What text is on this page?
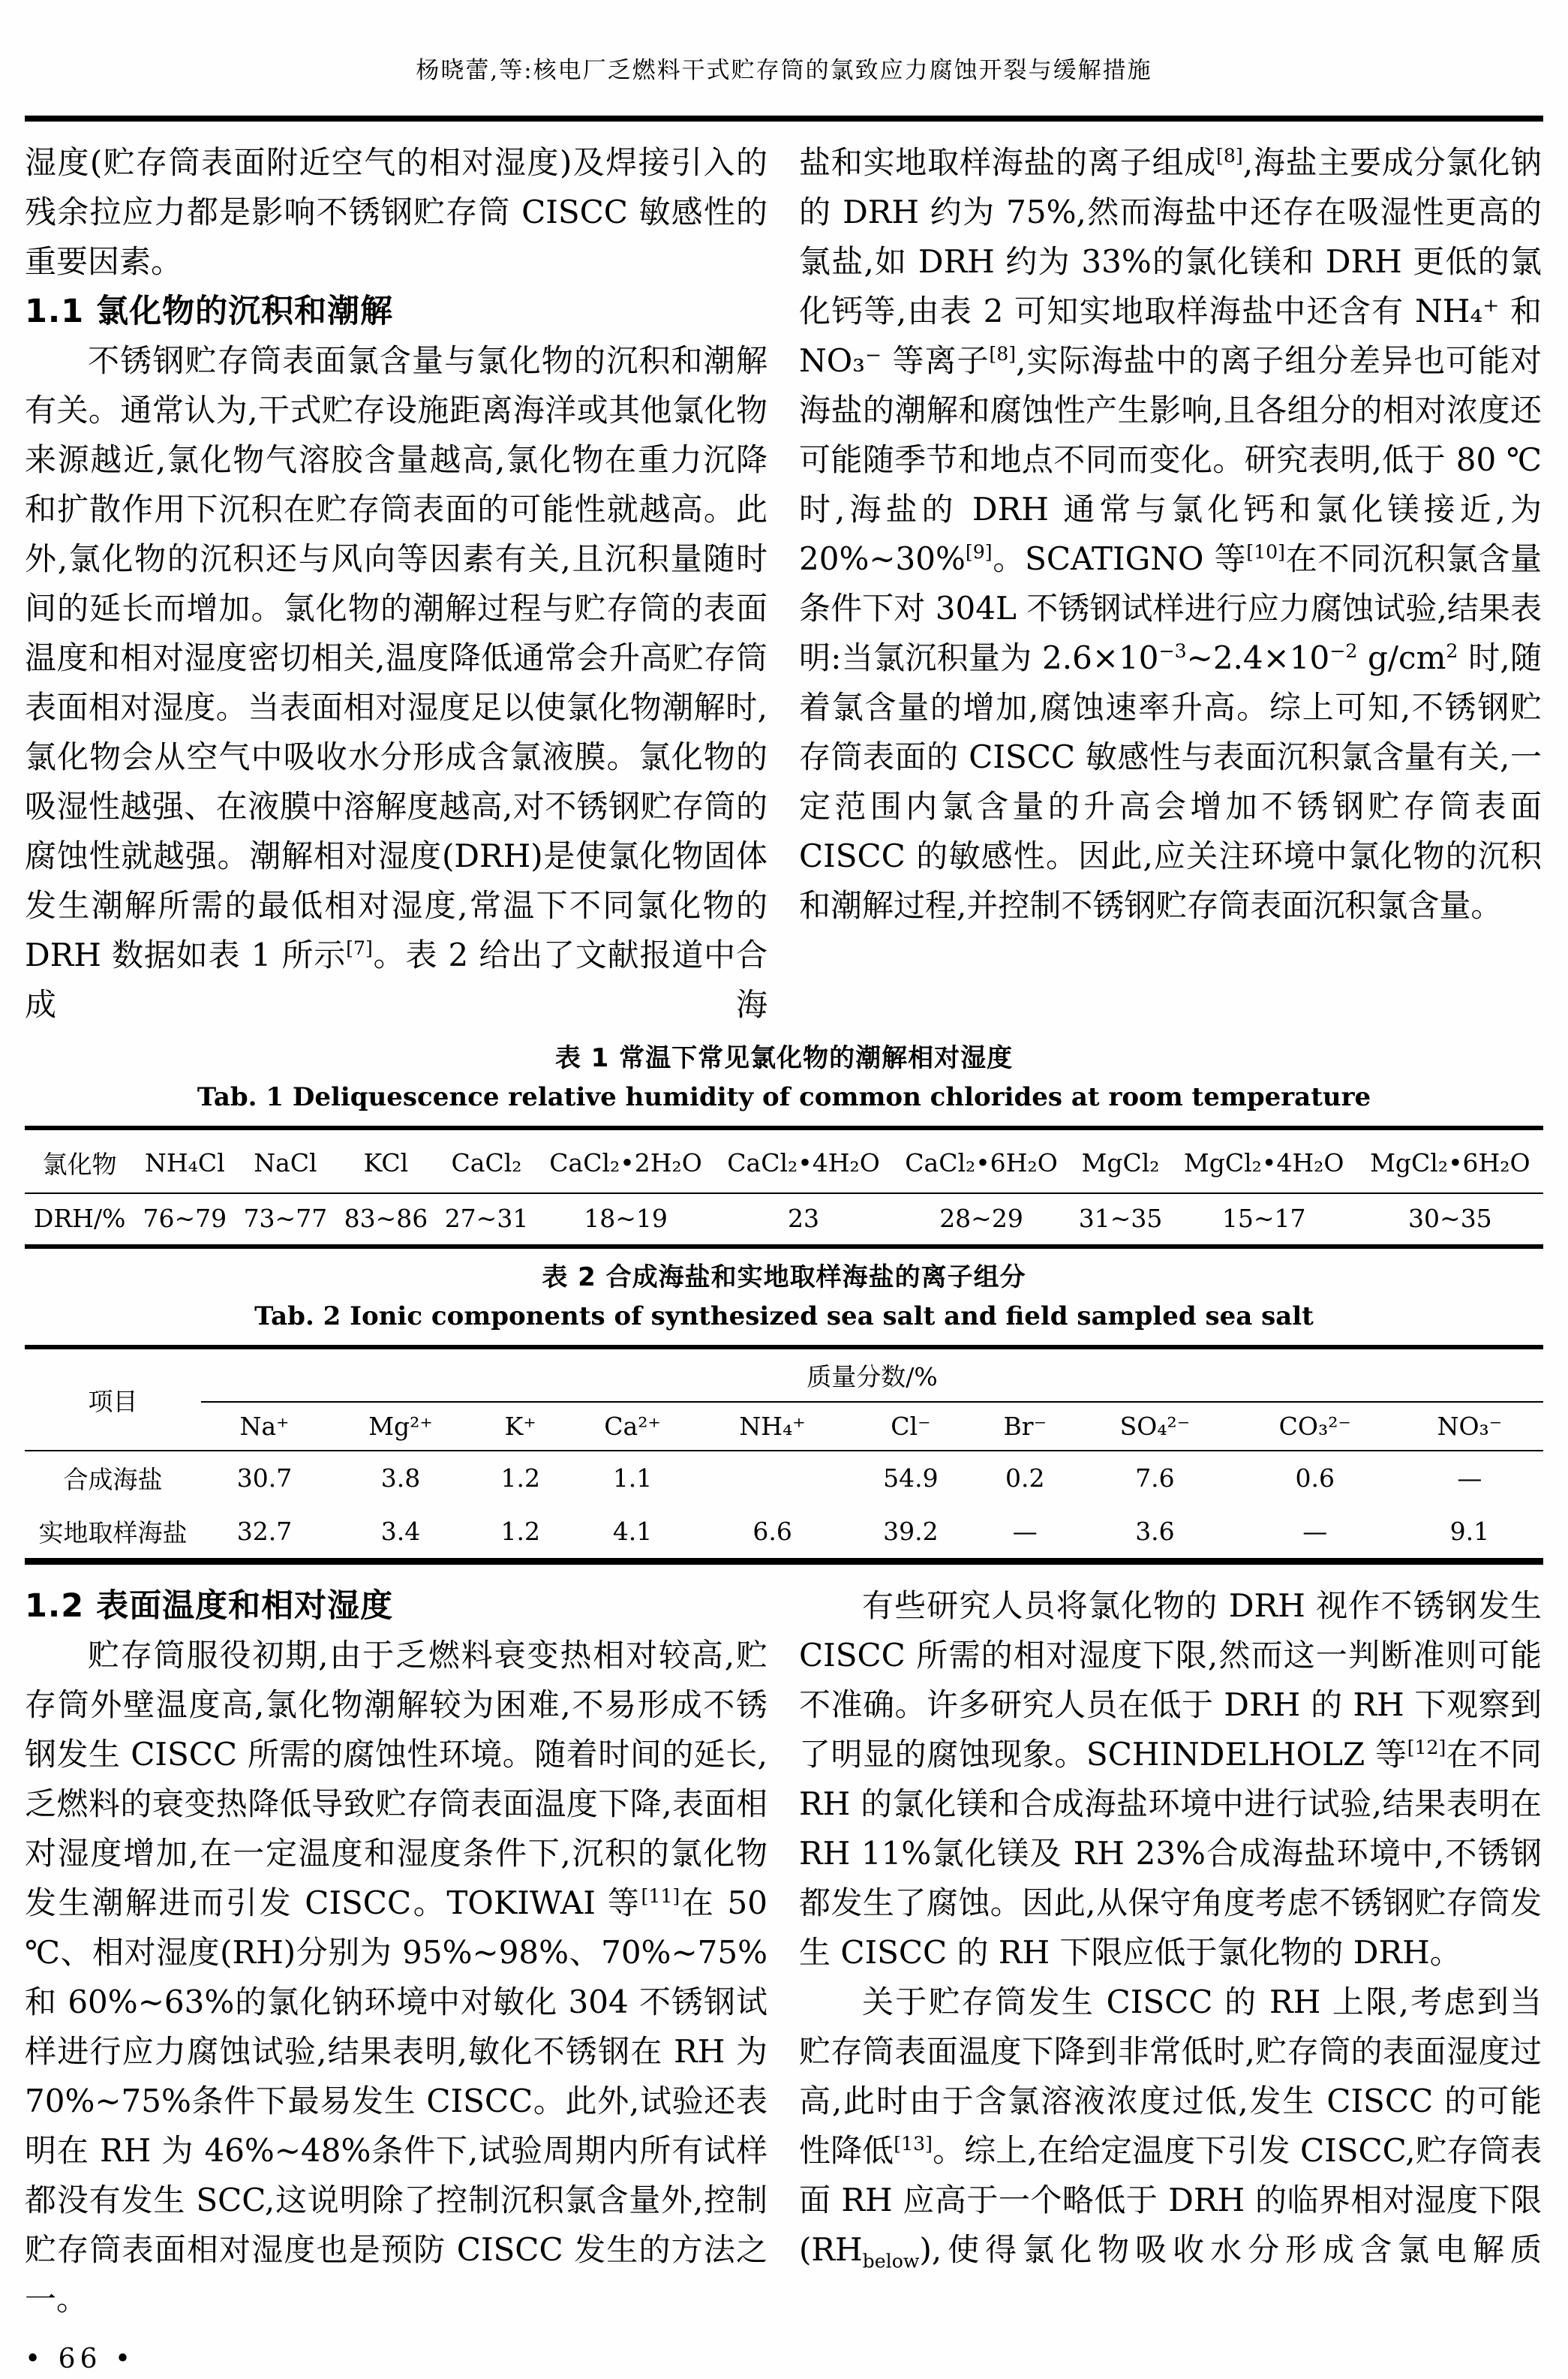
杨晓蕾,等:核电厂乏燃料干式贮存筒的氯致应力腐蚀开裂与缓解措施

湿度(贮存筒表面附近空气的相对湿度)及焊接引入的残余拉应力都是影响不锈钢贮存筒 CISCC 敏感性的重要因素。

1.1 氯化物的沉积和潮解

不锈钢贮存筒表面氯含量与氯化物的沉积和潮解有关。通常认为,干式贮存设施距离海洋或其他氯化物来源越近,氯化物气溶胶含量越高,氯化物在重力沉降和扩散作用下沉积在贮存筒表面的可能性就越高。此外,氯化物的沉积还与风向等因素有关,且沉积量随时间的延长而增加。氯化物的潮解过程与贮存筒的表面温度和相对湿度密切相关,温度降低通常会升高贮存筒表面相对湿度。当表面相对湿度足以使氯化物潮解时,氯化物会从空气中吸收水分形成含氯液膜。氯化物的吸湿性越强、在液膜中溶解度越高,对不锈钢贮存筒的腐蚀性就越强。潮解相对湿度(DRH)是使氯化物固体发生潮解所需的最低相对湿度,常温下不同氯化物的 DRH 数据如表 1 所示[7]。表 2 给出了文献报道中合成海

盐和实地取样海盐的离子组成[8],海盐主要成分氯化钠的 DRH 约为 75%,然而海盐中还存在吸湿性更高的氯盐,如 DRH 约为 33%的氯化镁和 DRH 更低的氯化钙等,由表 2 可知实地取样海盐中还含有 NH₄⁺ 和 NO₃⁻ 等离子[8],实际海盐中的离子组分差异也可能对海盐的潮解和腐蚀性产生影响,且各组分的相对浓度还可能随季节和地点不同而变化。研究表明,低于 80 ℃时,海盐的 DRH 通常与氯化钙和氯化镁接近,为 20%~30%[9]。SCATIGNO 等[10]在不同沉积氯含量条件下对 304L 不锈钢试样进行应力腐蚀试验,结果表明:当氯沉积量为 $2.6\times 10^{-3}\sim 2.4\times 10^{-2}$ $g/cm^2$ 时,随着氯含量的增加,腐蚀速率升高。综上可知,不锈钢贮存筒表面的 CISCC 敏感性与表面沉积氯含量有关,一定范围内氯含量的升高会增加不锈钢贮存筒表面 CISCC 的敏感性。因此,应关注环境中氯化物的沉积和潮解过程,并控制不锈钢贮存筒表面沉积氯含量。

表 1 常温下常见氯化物的潮解相对湿度
Tab. 1 Deliquescence relative humidity of common chlorides at room temperature
氯化物	NH₄Cl	NaCl	KCl	CaCl₂	CaCl₂•2H₂O	CaCl₂•4H₂O	CaCl₂•6H₂O	MgCl₂	MgCl₂•4H₂O	MgCl₂•6H₂O
DRH/%	76~79	73~77	83~86	27~31	18~19	23	28~29	31~35	15~17	30~35
表 2 合成海盐和实地取样海盐的离子组分
Tab. 2 Ionic components of synthesized sea salt and field sampled sea salt
项目	质量分数/%									
	Na⁺	Mg²⁺	K⁺	Ca²⁺	NH₄⁺	Cl⁻	Br⁻	SO₄²⁻	CO₃²⁻	NO₃⁻
合成海盐	30.7	3.8	1.2	1.1		54.9	0.2	7.6	0.6	—
实地取样海盐	32.7	3.4	1.2	4.1	6.6	39.2	—	3.6	—	9.1
1.2 表面温度和相对湿度

贮存筒服役初期,由于乏燃料衰变热相对较高,贮存筒外壁温度高,氯化物潮解较为困难,不易形成不锈钢发生 CISCC 所需的腐蚀性环境。随着时间的延长,乏燃料的衰变热降低导致贮存筒表面温度下降,表面相对湿度增加,在一定温度和湿度条件下,沉积的氯化物发生潮解进而引发 CISCC。TOKIWAI 等[11]在 50 ℃、相对湿度(RH)分别为 95%~98%、70%~75%和 60%~63%的氯化钠环境中对敏化 304 不锈钢试样进行应力腐蚀试验,结果表明,敏化不锈钢在 RH 为 70%~75%条件下最易发生 CISCC。此外,试验还表明在 RH 为 46%~48%条件下,试验周期内所有试样都没有发生 SCC,这说明除了控制沉积氯含量外,控制贮存筒表面相对湿度也是预防 CISCC 发生的方法之一。

有些研究人员将氯化物的 DRH 视作不锈钢发生 CISCC 所需的相对湿度下限,然而这一判断准则可能不准确。许多研究人员在低于 DRH 的 RH 下观察到了明显的腐蚀现象。SCHINDELHOLZ 等[12]在不同 RH 的氯化镁和合成海盐环境中进行试验,结果表明在 RH 11%氯化镁及 RH 23%合成海盐环境中,不锈钢都发生了腐蚀。因此,从保守角度考虑不锈钢贮存筒发生 CISCC 的 RH 下限应低于氯化物的 DRH。

关于贮存筒发生 CISCC 的 RH 上限,考虑到当贮存筒表面温度下降到非常低时,贮存筒的表面湿度过高,此时由于含氯溶液浓度过低,发生 CISCC 的可能性降低[13]。综上,在给定温度下引发 CISCC,贮存筒表面 RH 应高于一个略低于 DRH 的临界相对湿度下限$(RH_{below})$,使得氯化物吸收水分形成含氯电解质

• 66 •
